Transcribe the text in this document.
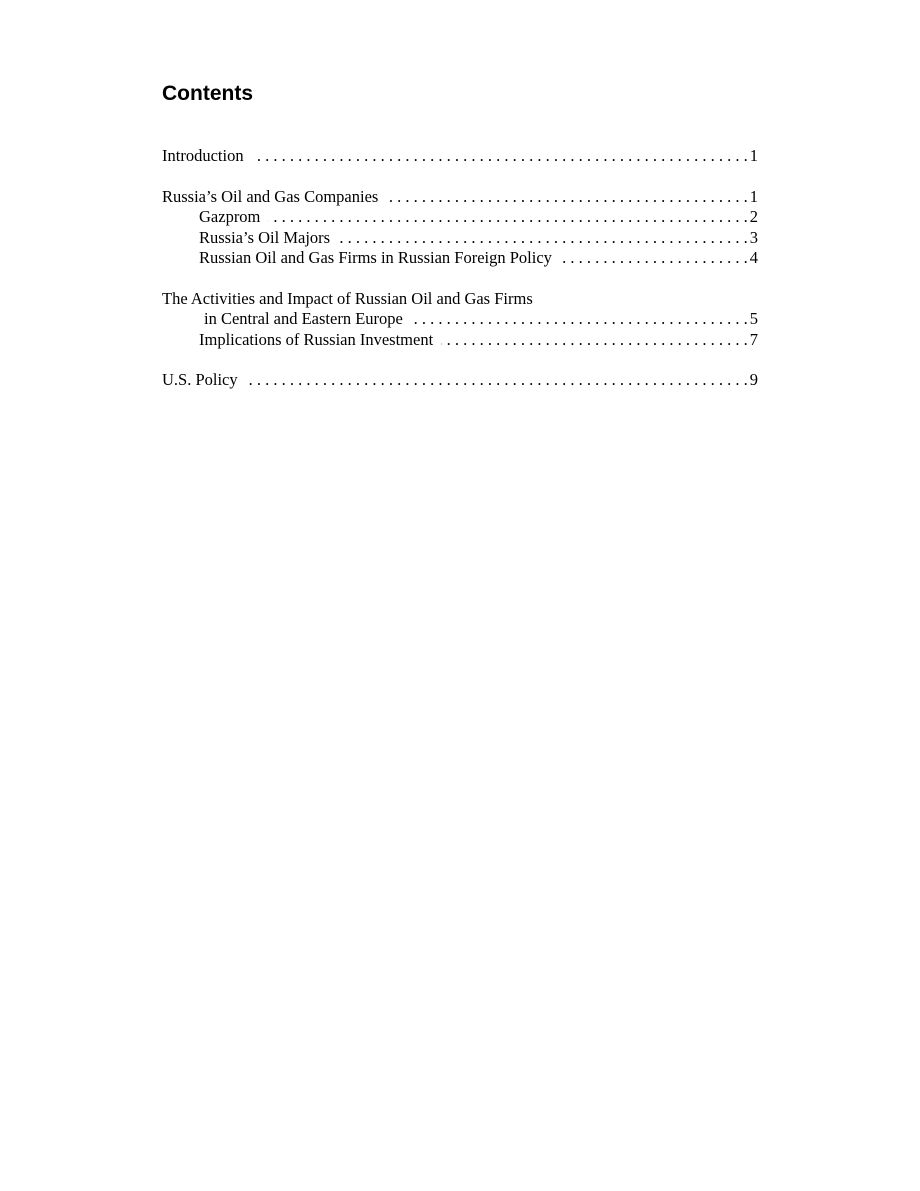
Contents
Introduction . . .	1
Russia’s Oil and Gas Companies . . .	1
Gazprom . . .	2
Russia’s Oil Majors . . .	3
Russian Oil and Gas Firms in Russian Foreign Policy . . .	4
The Activities and Impact of Russian Oil and Gas Firms
in Central and Eastern Europe . . .	5
Implications of Russian Investment . . .	7
U.S. Policy . . .	9
